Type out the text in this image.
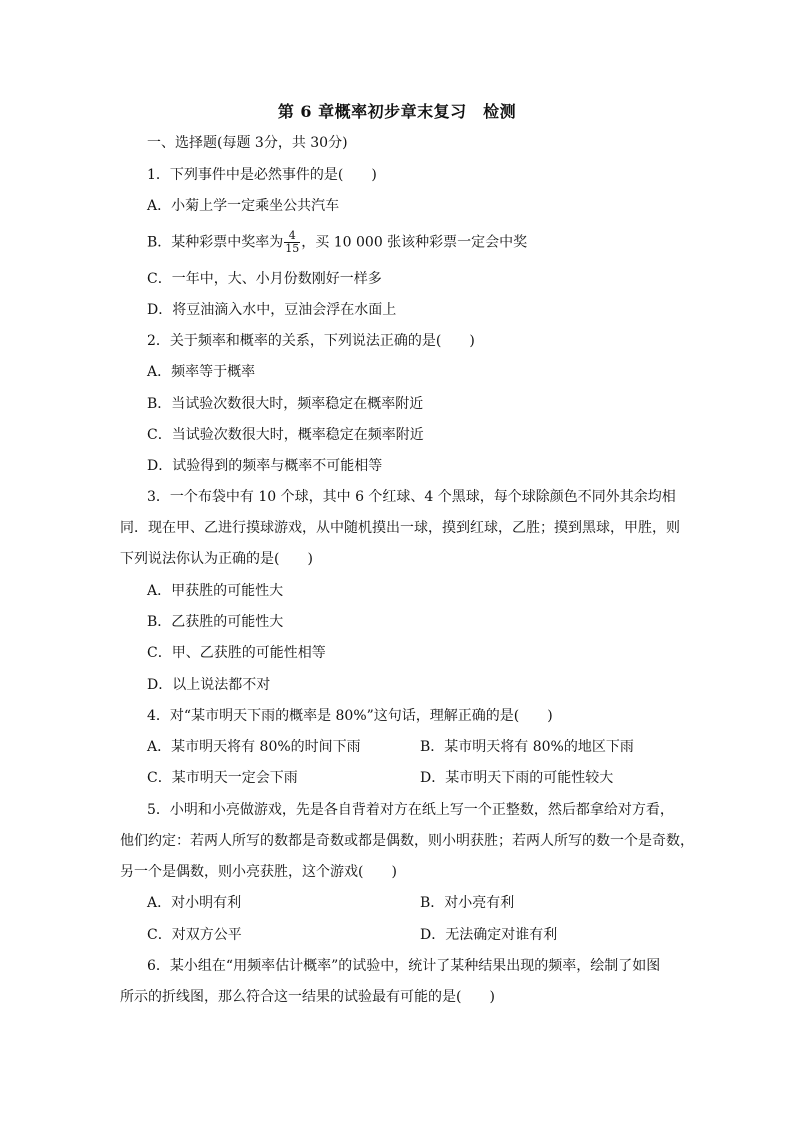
第 6 章概率初步章末复习　检测
一、选择题(每题 3分，共 30分)
1．下列事件中是必然事件的是(　　)
A．小菊上学一定乘坐公共汽车
B．某种彩票中奖率为 $\frac{4}{15}$ ，买 10 000 张该种彩票一定会中奖
C．一年中，大、小月份数刚好一样多
D．将豆油滴入水中，豆油会浮在水面上
2．关于频率和概率的关系，下列说法正确的是(　　)
A．频率等于概率
B．当试验次数很大时，频率稳定在概率附近
C．当试验次数很大时，概率稳定在频率附近
D．试验得到的频率与概率不可能相等
3．一个布袋中有 10 个球，其中 6 个红球、4 个黑球，每个球除颜色不同外其余均相
同．现在甲、乙进行摸球游戏，从中随机摸出一球，摸到红球，乙胜；摸到黑球，甲胜，则
下列说法你认为正确的是(　　)
A．甲获胜的可能性大
B．乙获胜的可能性大
C．甲、乙获胜的可能性相等
D．以上说法都不对
4．对“某市明天下雨的概率是 80%”这句话，理解正确的是(　　)
A．某市明天将有 80%的时间下雨	B．某市明天将有 80%的地区下雨
C．某市明天一定会下雨	D．某市明天下雨的可能性较大
5．小明和小亮做游戏，先是各自背着对方在纸上写一个正整数，然后都拿给对方看，
他们约定：若两人所写的数都是奇数或都是偶数，则小明获胜；若两人所写的数一个是奇数，
另一个是偶数，则小亮获胜，这个游戏(　　)
A．对小明有利	B．对小亮有利
C．对双方公平	D．无法确定对谁有利
6．某小组在“用频率估计概率”的试验中，统计了某种结果出现的频率，绘制了如图
所示的折线图，那么符合这一结果的试验最有可能的是(　　)
